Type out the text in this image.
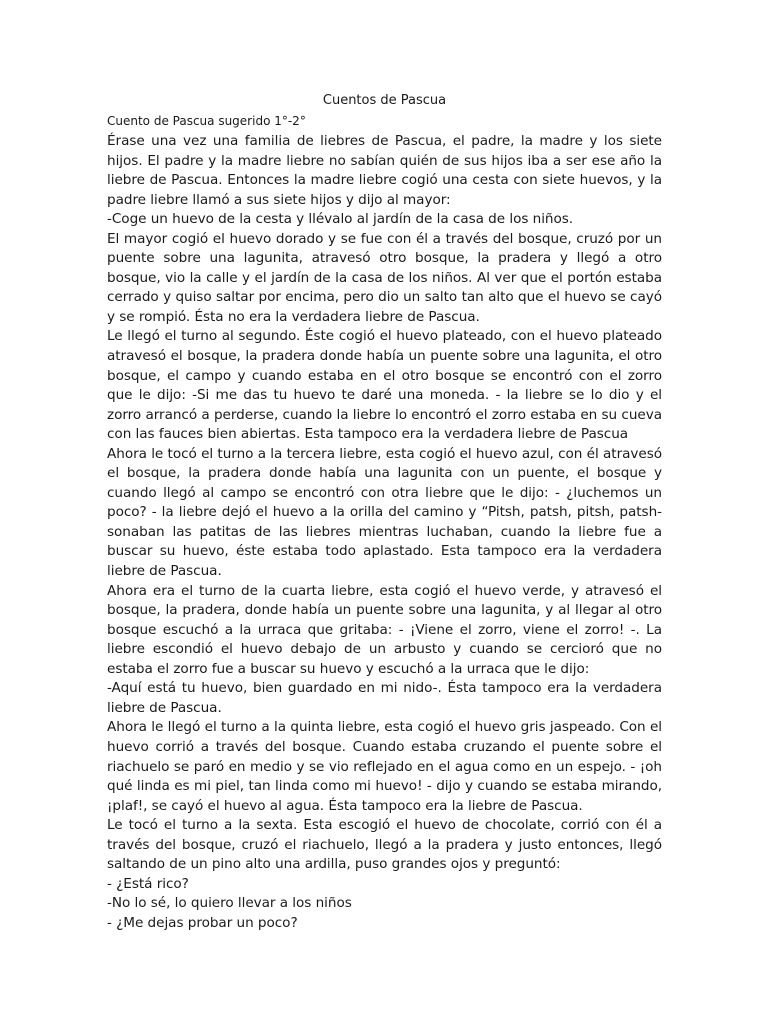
Cuentos de Pascua
Cuento de Pascua sugerido 1°-2°

Érase una vez una familia de liebres de Pascua, el padre, la madre y los siete hijos. El padre y la madre liebre no sabían quién de sus hijos iba a ser ese año la liebre de Pascua. Entonces la madre liebre cogió una cesta con siete huevos, y la padre liebre llamó a sus siete hijos y dijo al mayor:

-Coge un huevo de la cesta y llévalo al jardín de la casa de los niños.

El mayor cogió el huevo dorado y se fue con él a través del bosque, cruzó por un puente sobre una lagunita, atravesó otro bosque, la pradera y llegó a otro bosque, vio la calle y el jardín de la casa de los niños. Al ver que el portón estaba cerrado y quiso saltar por encima, pero dio un salto tan alto que el huevo se cayó y se rompió. Ésta no era la verdadera liebre de Pascua.

Le llegó el turno al segundo. Éste cogió el huevo plateado, con el huevo plateado atravesó el bosque, la pradera donde había un puente sobre una lagunita, el otro bosque, el campo y cuando estaba en el otro bosque se encontró con el zorro que le dijo: -Si me das tu huevo te daré una moneda. - la liebre se lo dio y el zorro arrancó a perderse, cuando la liebre lo encontró el zorro estaba en su cueva con las fauces bien abiertas. Esta tampoco era la verdadera liebre de Pascua

Ahora le tocó el turno a la tercera liebre, esta cogió el huevo azul, con él atravesó el bosque, la pradera donde había una lagunita con un puente, el bosque y cuando llegó al campo se encontró con otra liebre que le dijo: - ¿luchemos un poco? - la liebre dejó el huevo a la orilla del camino y “Pitsh, patsh, pitsh, patsh- sonaban las patitas de las liebres mientras luchaban, cuando la liebre fue a buscar su huevo, éste estaba todo aplastado. Esta tampoco era la verdadera liebre de Pascua.

Ahora era el turno de la cuarta liebre, esta cogió el huevo verde, y atravesó el bosque, la pradera, donde había un puente sobre una lagunita, y al llegar al otro bosque escuchó a la urraca que gritaba: - ¡Viene el zorro, viene el zorro! -. La liebre escondió el huevo debajo de un arbusto y cuando se cercioró que no estaba el zorro fue a buscar su huevo y escuchó a la urraca que le dijo:

-Aquí está tu huevo, bien guardado en mi nido-. Ésta tampoco era la verdadera liebre de Pascua.

Ahora le llegó el turno a la quinta liebre, esta cogió el huevo gris jaspeado. Con el huevo corrió a través del bosque. Cuando estaba cruzando el puente sobre el riachuelo se paró en medio y se vio reflejado en el agua como en un espejo. - ¡oh qué linda es mi piel, tan linda como mi huevo! - dijo y cuando se estaba mirando, ¡plaf!, se cayó el huevo al agua. Ésta tampoco era la liebre de Pascua.

Le tocó el turno a la sexta. Esta escogió el huevo de chocolate, corrió con él a través del bosque, cruzó el riachuelo, llegó a la pradera y justo entonces, llegó saltando de un pino alto una ardilla, puso grandes ojos y preguntó:

- ¿Está rico?

-No lo sé, lo quiero llevar a los niños

- ¿Me dejas probar un poco?
